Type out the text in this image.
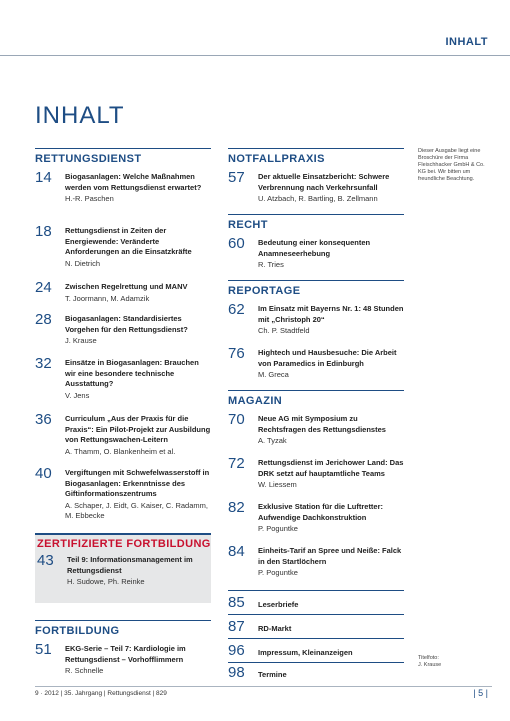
INHALT
INHALT
RETTUNGSDIENST
14 Biogasanlagen: Welche Maßnahmen werden vom Rettungsdienst erwartet?
H.-R. Paschen
18 Rettungsdienst in Zeiten der Energiewende: Veränderte Anforderungen an die Einsatzkräfte
N. Dietrich
24 Zwischen Regelrettung und MANV
T. Joormann, M. Adamzik
28 Biogasanlagen: Standardisiertes Vorgehen für den Rettungsdienst?
J. Krause
32 Einsätze in Biogasanlagen: Brauchen wir eine besondere technische Ausstattung?
V. Jens
36 Curriculum „Aus der Praxis für die Praxis“: Ein Pilot-Projekt zur Ausbildung von Rettungswachen-Leitern
A. Thamm, O. Blankenheim et al.
40 Vergiftungen mit Schwefelwasserstoff in Biogasanlagen: Erkenntnisse des Giftinformationszentrums
A. Schaper, J. Eidt, G. Kaiser, C. Radamm, M. Ebbecke
ZERTIFIZIERTE FORTBILDUNG
43 Teil 9: Informationsmanagement im Rettungsdienst
H. Sudowe, Ph. Reinke
FORTBILDUNG
51 EKG-Serie – Teil 7: Kardiologie im Rettungsdienst – Vorhofflimmern
R. Schnelle
NOTFALLPRAXIS
57 Der aktuelle Einsatzbericht: Schwere Verbrennung nach Verkehrsunfall
U. Atzbach, R. Bartling, B. Zellmann
RECHT
60 Bedeutung einer konsequenten Anamneseerhebung
R. Tries
REPORTAGE
62 Im Einsatz mit Bayerns Nr. 1: 48 Stunden mit „Christoph 20“
Ch. P. Stadtfeld
76 Hightech und Hausbesuche: Die Arbeit von Paramedics in Edinburgh
M. Greca
MAGAZIN
70 Neue AG mit Symposium zu Rechtsfragen des Rettungsdienstes
A. Tyzak
72 Rettungsdienst im Jerichower Land: Das DRK setzt auf hauptamtliche Teams
W. Liessem
82 Exklusive Station für die Luftretter: Aufwendige Dachkonstruktion
P. Poguntke
84 Einheits-Tarif an Spree und Neiße: Falck in den Startlöchern
P. Poguntke
85 Leserbriefe
87 RD-Markt
96 Impressum, Kleinanzeigen
98 Termine
Dieser Ausgabe liegt eine Broschüre der Firma Fleischhacker GmbH & Co. KG bei. Wir bitten um freundliche Beachtung.
Titelfoto:
J. Krause
9 · 2012 | 35. Jahrgang | Rettungsdienst | 829	| 5 |
